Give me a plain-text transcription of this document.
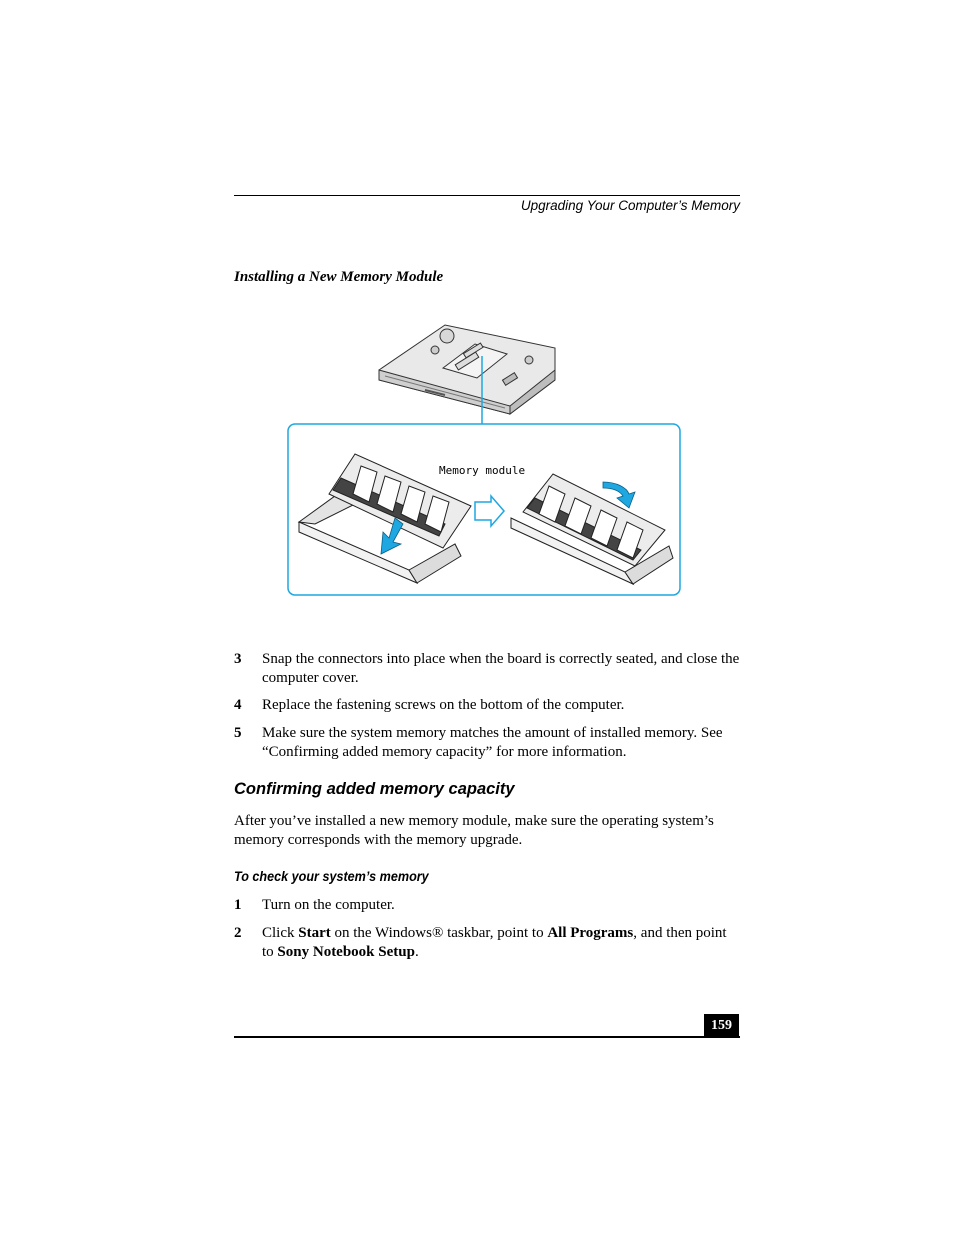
Upgrading Your Computer’s Memory
Installing a New Memory Module
Memory module
3 Snap the connectors into place when the board is correctly seated, and close the computer cover.
4 Replace the fastening screws on the bottom of the computer.
5 Make sure the system memory matches the amount of installed memory. See “Confirming added memory capacity” for more information.
Confirming added memory capacity
After you’ve installed a new memory module, make sure the operating system’s memory corresponds with the memory upgrade.
To check your system’s memory
1 Turn on the computer.
2 Click Start on the Windows® taskbar, point to All Programs, and then point to Sony Notebook Setup.
159
